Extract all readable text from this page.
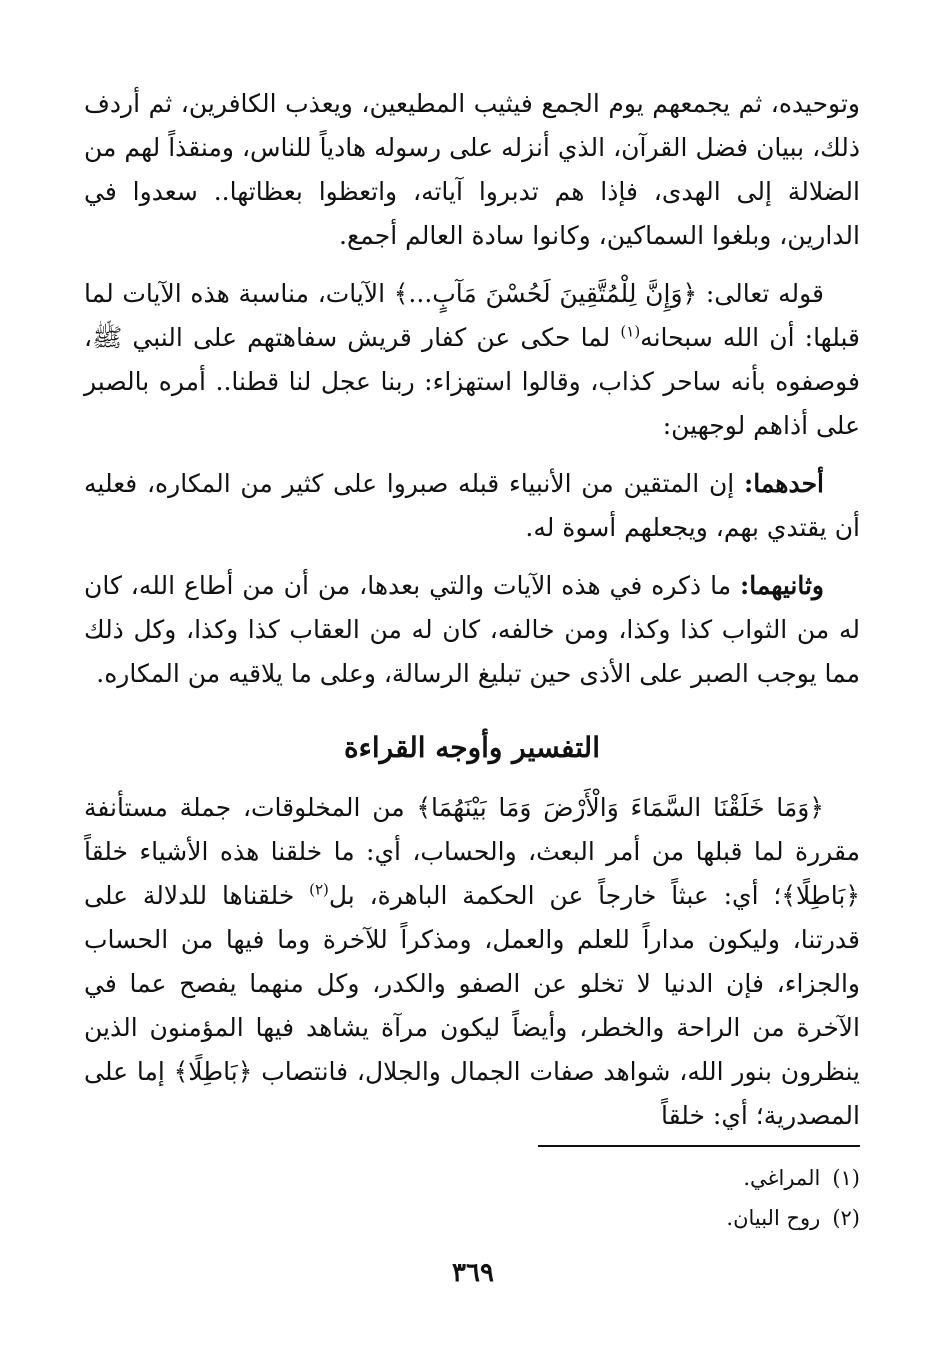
وتوحيده، ثم يجمعهم يوم الجمع فيثيب المطيعين، ويعذب الكافرين، ثم أردف ذلك، ببيان فضل القرآن، الذي أنزله على رسوله هادياً للناس، ومنقذاً لهم من الضلالة إلى الهدى، فإذا هم تدبروا آياته، واتعظوا بعظاتها.. سعدوا في الدارين، وبلغوا السماكين، وكانوا سادة العالم أجمع.

قوله تعالى: ﴿وَإِنَّ لِلْمُتَّقِينَ لَحُسْنَ مَآبٍ...﴾ الآيات، مناسبة هذه الآيات لما قبلها: أن الله سبحانه$^{(١)}$ لما حكى عن كفار قريش سفاهتهم على النبي ﷺ، فوصفوه بأنه ساحر كذاب، وقالوا استهزاء: ربنا عجل لنا قطنا.. أمره بالصبر على أذاهم لوجهين:

أحدهما: إن المتقين من الأنبياء قبله صبروا على كثير من المكاره، فعليه أن يقتدي بهم، ويجعلهم أسوة له.

وثانيهما: ما ذكره في هذه الآيات والتي بعدها، من أن من أطاع الله، كان له من الثواب كذا وكذا، ومن خالفه، كان له من العقاب كذا وكذا، وكل ذلك مما يوجب الصبر على الأذى حين تبليغ الرسالة، وعلى ما يلاقيه من المكاره.

التفسير وأوجه القراءة

﴿وَمَا خَلَقْنَا السَّمَاءَ وَالْأَرْضَ وَمَا بَيْنَهُمَا﴾ من المخلوقات، جملة مستأنفة مقررة لما قبلها من أمر البعث، والحساب، أي: ما خلقنا هذه الأشياء خلقاً ﴿بَاطِلًا﴾؛ أي: عبثاً خارجاً عن الحكمة الباهرة، بل$^{(٢)}$ خلقناها للدلالة على قدرتنا، وليكون مداراً للعلم والعمل، ومذكراً للآخرة وما فيها من الحساب والجزاء، فإن الدنيا لا تخلو عن الصفو والكدر، وكل منهما يفصح عما في الآخرة من الراحة والخطر، وأيضاً ليكون مرآة يشاهد فيها المؤمنون الذين ينظرون بنور الله، شواهد صفات الجمال والجلال، فانتصاب ﴿بَاطِلًا﴾ إما على المصدرية؛ أي: خلقاً

(١)المراغي.
(٢)روح البيان.
٣٦٩
